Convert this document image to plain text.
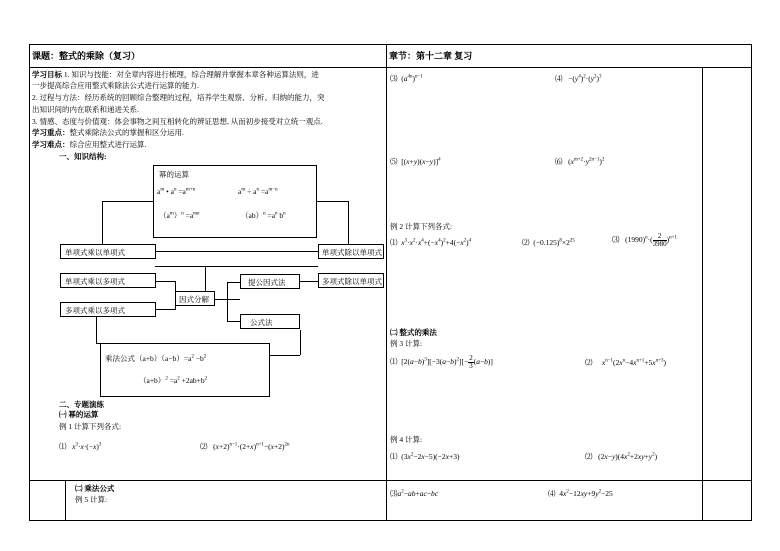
课题：整式的乘除（复习）	章节：第十二章 复习
学习目标 1. 知识与技能：对全章内容进行梳理，综合理解并掌握本章各种运算法则，进
一步提高综合应用整式乘除法公式进行运算的能力.
2. 过程与方法：经历系统的回顾综合整理的过程，培养学生观察、分析、归纳的能力，突
出知识间的内在联系和递进关系.
3. 情感、态度与价值观：体会事物之间互相转化的辨证思想, 从而初步接受对立统一观点.
学习重点：整式乘除法公式的掌握和区分运用.
学习难点：综合应用整式进行运算.
一、知识结构:
幂的运算
$a^m$ • $a^n =a^{m+n}$	$a^m \div a^n =a^{m-n}$
$(a^m)^n =a^{mn}$	$(ab)^n =a^n$ $b^n$
单项式乘以单项式	单项式除以单项式
单项式乘以多项式	提公因式法	多项式除以单项式
因式分解
多项式乘以多项式
公式法
乘法公式$(a+b)(a-b)=a^2 -b^2$
$(a+b)^2 =a^2 +2ab+b^2$
二、专题演练
㈠ 幂的运算
例 1 计算下列各式:
⑴ $x^3\cdot x\cdot(-x)^3$	⑵   $(x+2)^{n-1}\cdot(2+x)^{n+1}-(x+2)^{2n}$
㈡ 乘法公式
例 5 计算:
⑶  $(a^{4n})^{n-1}$	⑷   $-(y^4)^2\cdot(y^2)^3$
⑸  $[(x+y)(x-y)]^4$	⑹   $(x^{m+2}\cdot y^{2n-1})^2$
例 2 计算下列各式:
⑴ $x^3\cdot x^2\cdot x^4+(-x^4)^2+4(-x^2)^4$	⑵  $(-0.125)^8\times 2^{25}$	⑶   $(1990)^n\cdot( \frac{2}{3980} )^{n+1}$
㈡ 整式的乘法
例 3 计算:
⑴  $[2(a-b)^3][-3(a-b)^2][- \frac{2}{3} (a-b)]$	⑵ $x^{n-1}(2x^n-4x^{n+1}+5x^{n+3})$
例 4 计算:
⑴  $(3x^2-2x-5)(-2x+3)$	⑵   $(2x-y)(4x^2+2xy+y^2)$
$⑶a^2-ab+ac-bc$	⑷  $4x^2-12xy+9y^2-25$
